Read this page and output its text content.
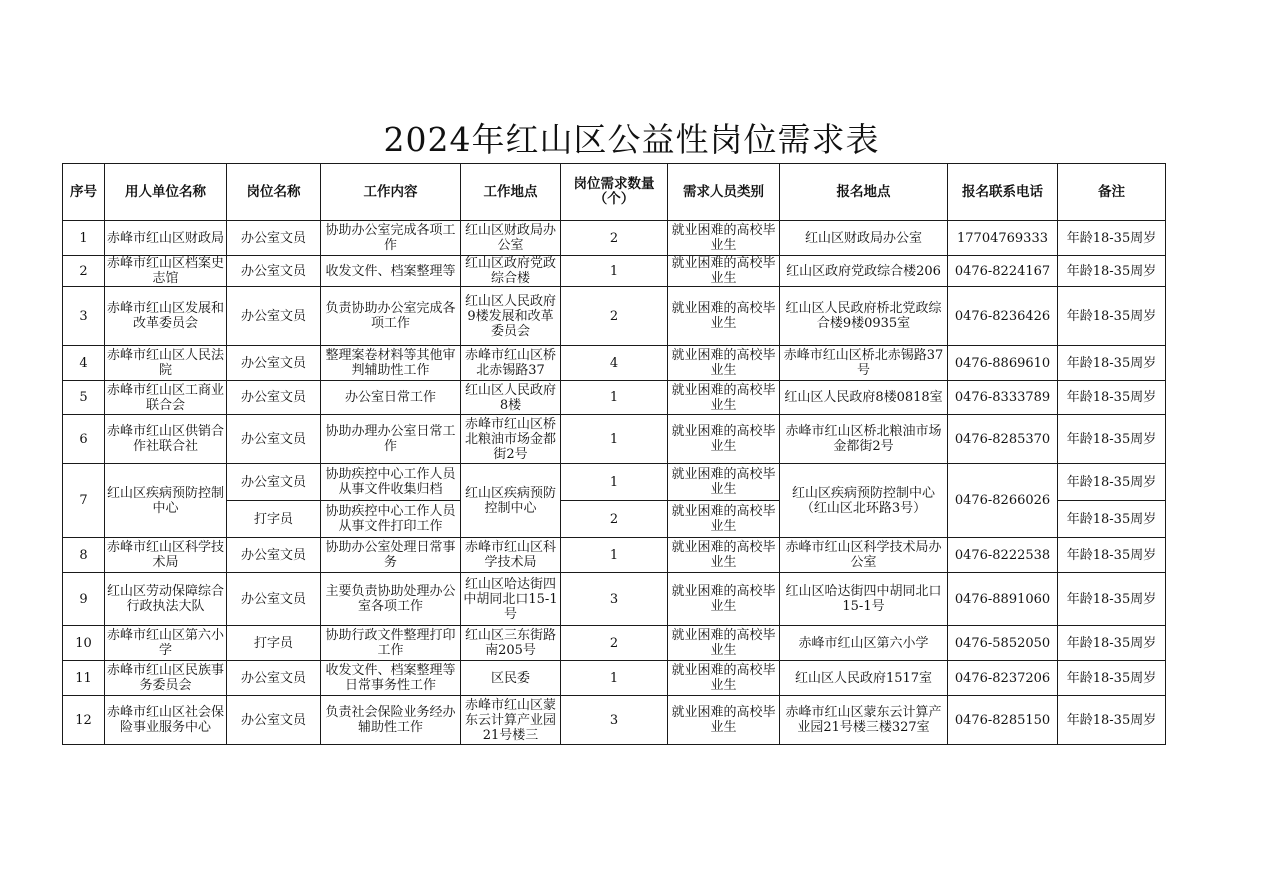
2024年红山区公益性岗位需求表
序号	用人单位名称	岗位名称	工作内容	工作地点	岗位需求数量（个）	需求人员类别	报名地点	报名联系电话	备注
1	赤峰市红山区财政局	办公室文员	协助办公室完成各项工作	红山区财政局办公室	2	就业困难的高校毕业生	红山区财政局办公室	17704769333	年龄18-35周岁
2	赤峰市红山区档案史志馆	办公室文员	收发文件、档案整理等	红山区政府党政综合楼	1	就业困难的高校毕业生	红山区政府党政综合楼206	0476-8224167	年龄18-35周岁
3	赤峰市红山区发展和改革委员会	办公室文员	负责协助办公室完成各项工作	红山区人民政府9楼发展和改革委员会	2	就业困难的高校毕业生	红山区人民政府桥北党政综合楼9楼0935室	0476-8236426	年龄18-35周岁
4	赤峰市红山区人民法院	办公室文员	整理案卷材料等其他审判辅助性工作	赤峰市红山区桥北赤锡路37	4	就业困难的高校毕业生	赤峰市红山区桥北赤锡路37号	0476-8869610	年龄18-35周岁
5	赤峰市红山区工商业联合会	办公室文员	办公室日常工作	红山区人民政府8楼	1	就业困难的高校毕业生	红山区人民政府8楼0818室	0476-8333789	年龄18-35周岁
6	赤峰市红山区供销合作社联合社	办公室文员	协助办理办公室日常工作	赤峰市红山区桥北粮油市场金都街2号	1	就业困难的高校毕业生	赤峰市红山区桥北粮油市场金都街2号	0476-8285370	年龄18-35周岁
7	红山区疾病预防控制中心	办公室文员	协助疾控中心工作人员从事文件收集归档	红山区疾病预防控制中心	1	就业困难的高校毕业生	红山区疾病预防控制中心（红山区北环路3号）	0476-8266026	年龄18-35周岁
		打字员	协助疾控中心工作人员从事文件打印工作		2	就业困难的高校毕业生			年龄18-35周岁
8	赤峰市红山区科学技术局	办公室文员	协助办公室处理日常事务	赤峰市红山区科学技术局	1	就业困难的高校毕业生	赤峰市红山区科学技术局办公室	0476-8222538	年龄18-35周岁
9	红山区劳动保障综合行政执法大队	办公室文员	主要负责协助处理办公室各项工作	红山区哈达街四中胡同北口15-1号	3	就业困难的高校毕业生	红山区哈达街四中胡同北口15-1号	0476-8891060	年龄18-35周岁
10	赤峰市红山区第六小学	打字员	协助行政文件整理打印工作	红山区三东街路南205号	2	就业困难的高校毕业生	赤峰市红山区第六小学	0476-5852050	年龄18-35周岁
11	赤峰市红山区民族事务委员会	办公室文员	收发文件、档案整理等日常事务性工作	区民委	1	就业困难的高校毕业生	红山区人民政府1517室	0476-8237206	年龄18-35周岁
12	赤峰市红山区社会保险事业服务中心	办公室文员	负责社会保险业务经办辅助性工作	赤峰市红山区蒙东云计算产业园21号楼三	3	就业困难的高校毕业生	赤峰市红山区蒙东云计算产业园21号楼三楼327室	0476-8285150	年龄18-35周岁
